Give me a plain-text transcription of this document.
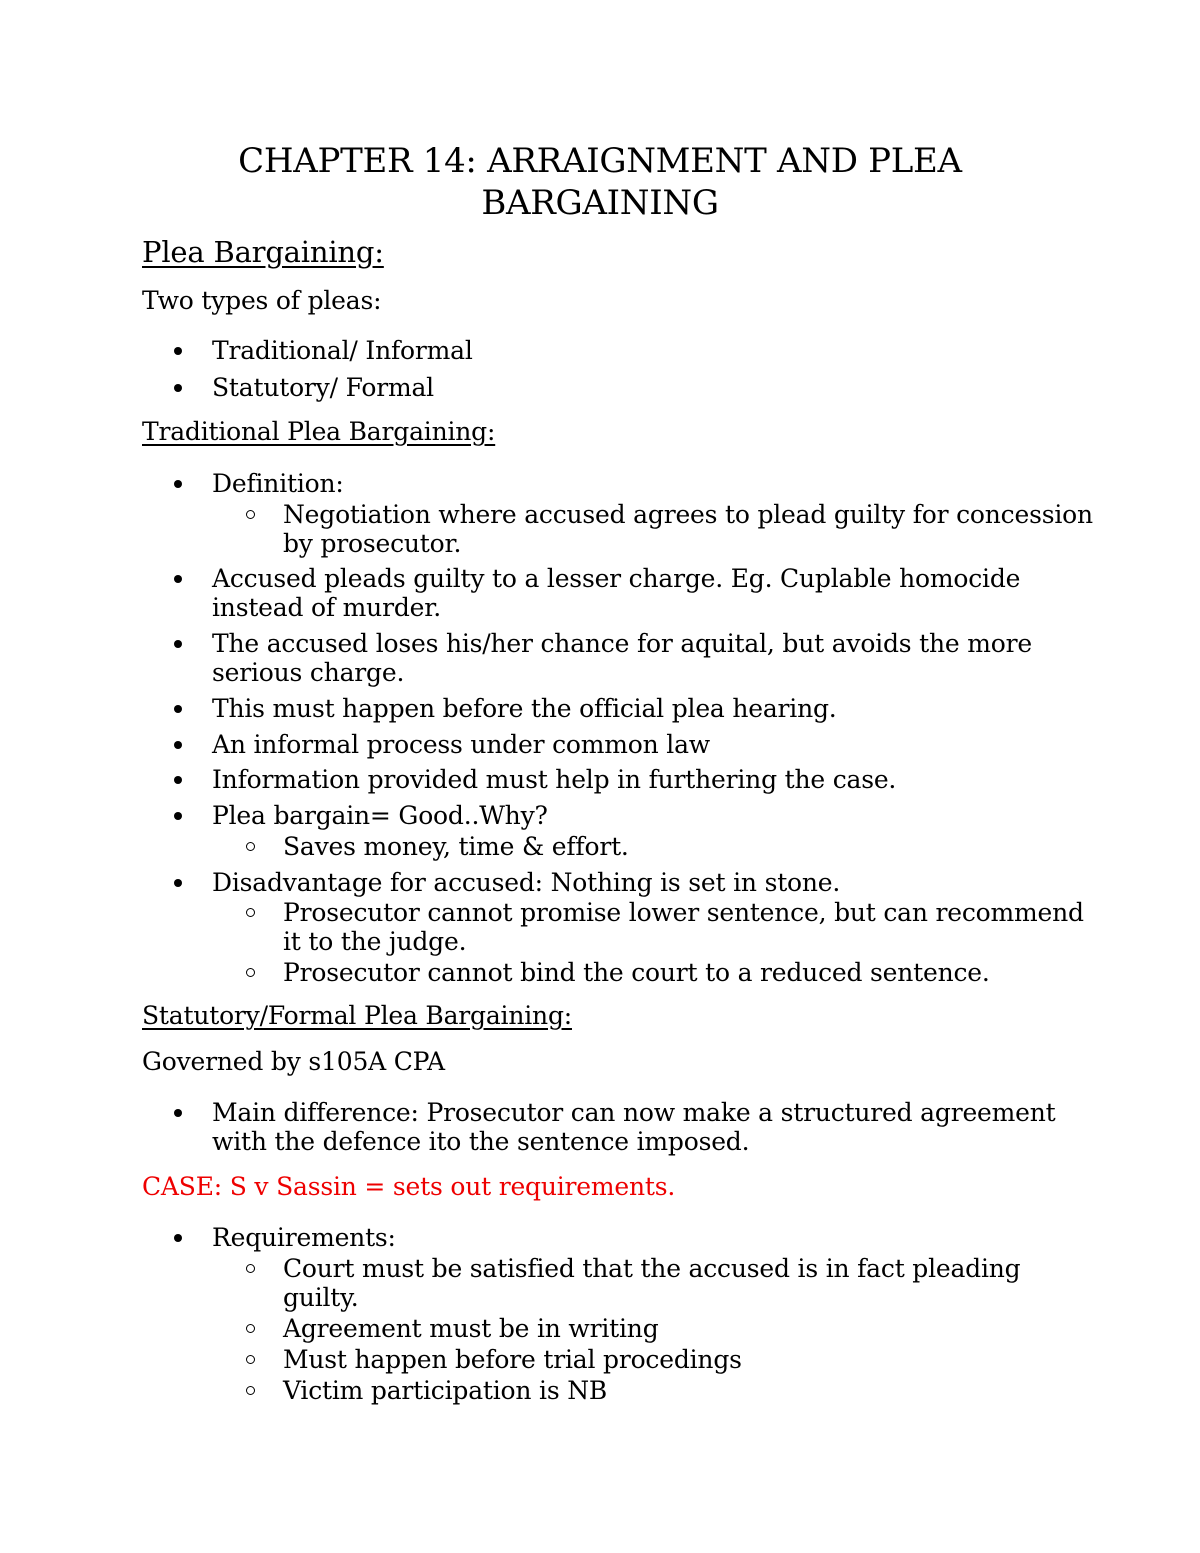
CHAPTER 14: ARRAIGNMENT AND PLEA
BARGAINING
Plea Bargaining:
Two types of pleas:
Traditional/ Informal
Statutory/ Formal
Traditional Plea Bargaining:
Definition:
Negotiation where accused agrees to plead guilty for concession
by prosecutor.
Accused pleads guilty to a lesser charge. Eg. Cuplable homocide
instead of murder.
The accused loses his/her chance for aquital, but avoids the more
serious charge.
This must happen before the official plea hearing.
An informal process under common law
Information provided must help in furthering the case.
Plea bargain= Good..Why?
Saves money, time & effort.
Disadvantage for accused: Nothing is set in stone.
Prosecutor cannot promise lower sentence, but can recommend
it to the judge.
Prosecutor cannot bind the court to a reduced sentence.
Statutory/Formal Plea Bargaining:
Governed by s105A CPA
Main difference: Prosecutor can now make a structured agreement
with the defence ito the sentence imposed.
CASE: S v Sassin = sets out requirements.
Requirements:
Court must be satisfied that the accused is in fact pleading
guilty.
Agreement must be in writing
Must happen before trial procedings
Victim participation is NB
